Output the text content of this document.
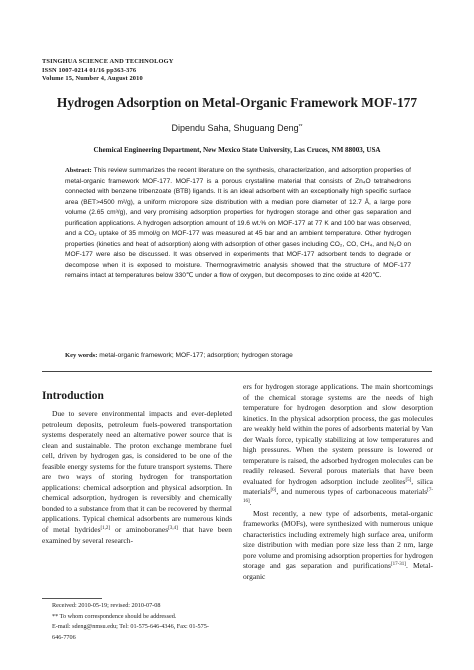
TSINGHUA SCIENCE AND TECHNOLOGY
ISSN 1007-0214 01/16 pp363-376
Volume 15, Number 4, August 2010
Hydrogen Adsorption on Metal-Organic Framework MOF-177
Dipendu Saha, Shuguang Deng**
Chemical Engineering Department, New Mexico State University, Las Cruces, NM 88003, USA
Abstract: This review summarizes the recent literature on the synthesis, characterization, and adsorption properties of metal-organic framework MOF-177. MOF-177 is a porous crystalline material that consists of Zn₄O tetrahedrons connected with benzene tribenzoate (BTB) ligands. It is an ideal adsorbent with an exceptionally high specific surface area (BET>4500 m²/g), a uniform micropore size distribution with a median pore diameter of 12.7 Å, a large pore volume (2.65 cm³/g), and very promising adsorption properties for hydrogen storage and other gas separation and purification applications. A hydrogen adsorption amount of 19.6 wt.% on MOF-177 at 77 K and 100 bar was observed, and a CO₂ uptake of 35 mmol/g on MOF-177 was measured at 45 bar and an ambient temperature. Other hydrogen properties (kinetics and heat of adsorption) along with adsorption of other gases including CO₂, CO, CH₄, and N₂O on MOF-177 were also be discussed. It was observed in experiments that MOF-177 adsorbent tends to degrade or decompose when it is exposed to moisture. Thermogravimetric analysis showed that the structure of MOF-177 remains intact at temperatures below 330℃ under a flow of oxygen, but decomposes to zinc oxide at 420℃.
Key words: metal-organic framework; MOF-177; adsorption; hydrogen storage
Introduction

Due to severe environmental impacts and ever-depleted petroleum deposits, petroleum fuels-powered transportation systems desperately need an alternative power source that is clean and sustainable. The proton exchange membrane fuel cell, driven by hydrogen gas, is considered to be one of the feasible energy systems for the future transport systems. There are two ways of storing hydrogen for transportation applications: chemical adsorption and physical adsorption. In chemical adsorption, hydrogen is reversibly and chemically bonded to a substance from that it can be recovered by thermal applications. Typical chemical adsorbents are numerous kinds of metal hydrides[1,2] or aminoboranes[3,4] that have been examined by several research-

ers for hydrogen storage applications. The main shortcomings of the chemical storage systems are the needs of high temperature for hydrogen desorption and slow desorption kinetics. In the physical adsorption process, the gas molecules are weakly held within the pores of adsorbents material by Van der Waals force, typically stabilizing at low temperatures and high pressures. When the system pressure is lowered or temperature is raised, the adsorbed hydrogen molecules can be readily released. Several porous materials that have been evaluated for hydrogen adsorption include zeolites[5], silica materials[6], and numerous types of carbonaceous materials[7-16].

Most recently, a new type of adsorbents, metal-organic frameworks (MOFs), were synthesized with numerous unique characteristics including extremely high surface area, uniform size distribution with median pore size less than 2 nm, large pore volume and promising adsorption properties for hydrogen storage and gas separation and purifications[17-31]. Metal-organic

Received: 2010-05-19; revised: 2010-07-08
** To whom correspondence should be addressed.
E-mail: sdeng@nmsu.edu; Tel: 01-575-646-4346, Fax: 01-575-
646-7706
